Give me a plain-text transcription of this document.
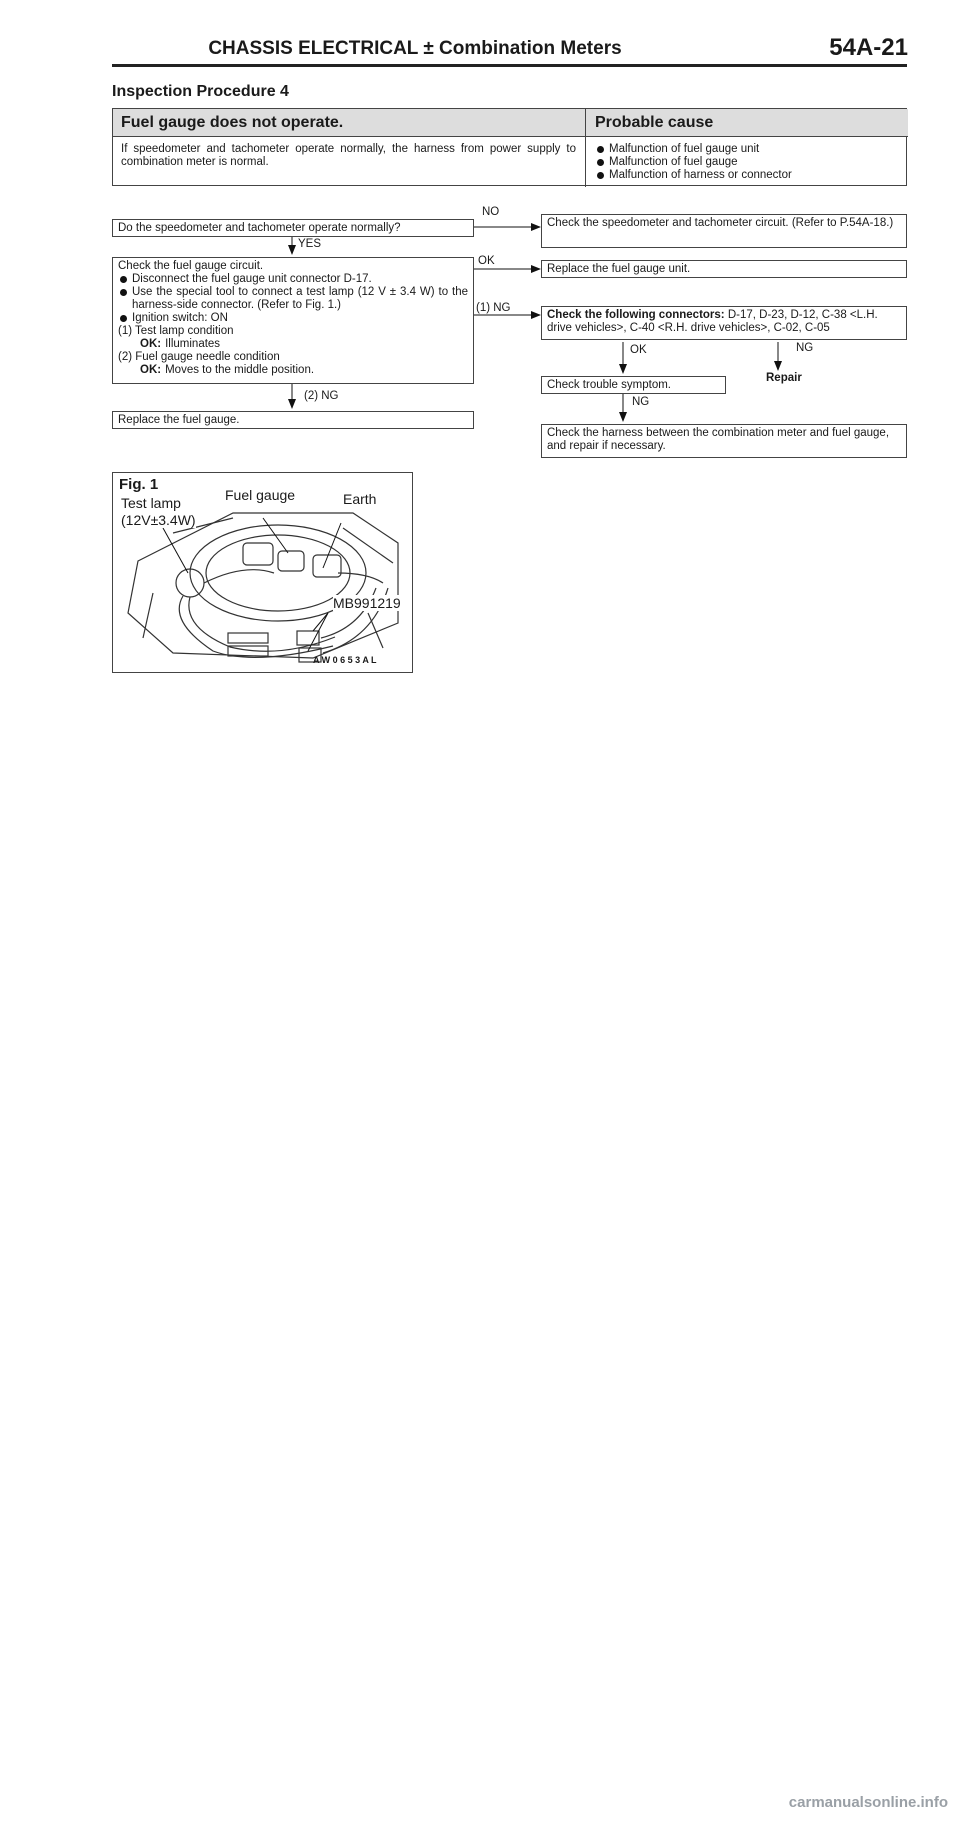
CHASSIS ELECTRICAL ± Combination Meters	54A-21
Inspection Procedure 4
Fuel gauge does not operate.	Probable cause
If speedometer and tachometer operate normally, the harness from power supply to combination meter is normal.
Malfunction of fuel gauge unit
Malfunction of fuel gauge
Malfunction of harness or connector
Do the speedometer and tachometer operate normally?
NO
Check the speedometer and tachometer circuit. (Refer to P.54A-18.)
YES
Check the fuel gauge circuit.
Disconnect the fuel gauge unit connector D-17.
Use the special tool to connect a test lamp (12 V ± 3.4 W) to the harness-side connector. (Refer to Fig. 1.)
Ignition switch: ON
(1) Test lamp condition
OK: Illuminates
(2) Fuel gauge needle condition
OK: Moves to the middle position.
OK
Replace the fuel gauge unit.
(1) NG
Check the following connectors: D-17, D-23, D-12, C-38 <L.H. drive vehicles>, C-40 <R.H. drive vehicles>, C-02, C-05
OK	NG
Repair
Check trouble symptom.
NG
Check the harness between the combination meter and fuel gauge, and repair if necessary.
(2) NG
Replace the fuel gauge.
Fig. 1
Test lamp
(12V±3.4W)
Fuel gauge	Earth
MB991219
A W 0 6 5 3 A L
carmanualsonline.info
